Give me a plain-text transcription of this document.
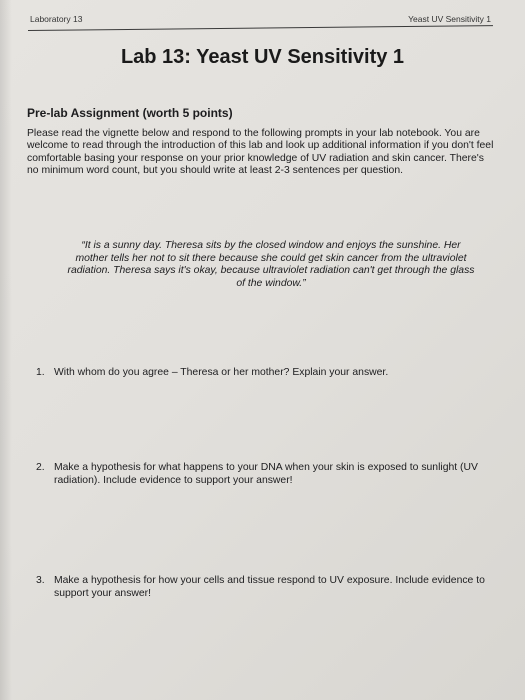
Laboratory 13	Yeast UV Sensitivity 1
Lab 13: Yeast UV Sensitivity 1
Pre-lab Assignment (worth 5 points)

Please read the vignette below and respond to the following prompts in your lab notebook. You are welcome to read through the introduction of this lab and look up additional information if you don't feel comfortable basing your response on your prior knowledge of UV radiation and skin cancer. There's no minimum word count, but you should write at least 2-3 sentences per question.

“It is a sunny day. Theresa sits by the closed window and enjoys the sunshine. Her mother tells her not to sit there because she could get skin cancer from the ultraviolet radiation. Theresa says it's okay, because ultraviolet radiation can't get through the glass of the window.”

1. With whom do you agree – Theresa or her mother? Explain your answer.
2. Make a hypothesis for what happens to your DNA when your skin is exposed to sunlight (UV radiation). Include evidence to support your answer!
3. Make a hypothesis for how your cells and tissue respond to UV exposure. Include evidence to support your answer!
